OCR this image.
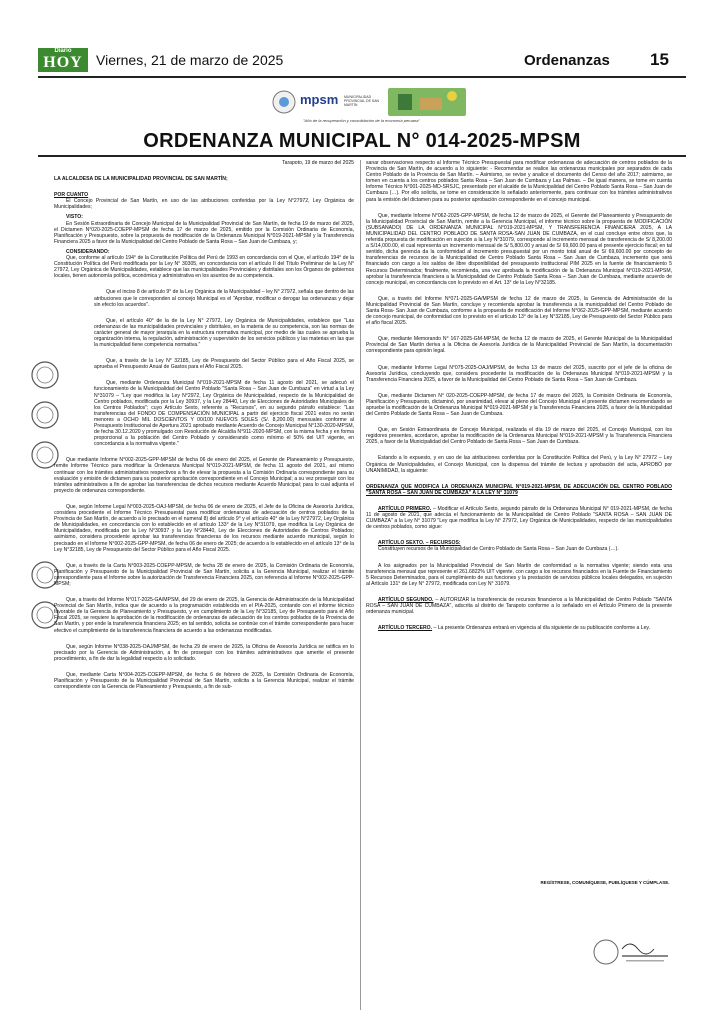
Diario
HOY Viernes, 21 de marzo de 2025	Ordenanzas 15
mpsm MUNICIPALIDAD PROVINCIAL DE SAN MARTÍN
"Año de la recuperación y consolidación de la economía peruana"
ORDENANZA MUNICIPAL N° 014-2025-MPSM

Tarapoto, 19 de marzo del 2025

LA ALCALDESA DE LA MUNICIPALIDAD PROVINCIAL DE SAN MARTÍN;

POR CUANTO

El Concejo Provincial de San Martín, en uso de las atribuciones conferidas por la Ley N°27972, Ley Orgánica de Municipalidades;

VISTO:

En Sesión Extraordinaria de Concejo Municipal de la Municipalidad Provincial de San Martín, de fecha 19 de marzo del 2025, el Dictamen N°020-2025-COEPP-MPSM de fecha 17 de marzo de 2025, emitido por la Comisión Ordinaria de Economía, Planificación y Presupuesto, sobre la propuesta de modificación de la Ordenanza Municipal N°019-2021-MPSM y la Transferencia Financiera 2025 a favor de la Municipalidad del Centro Poblado de Santa Rosa – San Juan de Cumbaza, y;

CONSIDERANDO:

Que, conforme al artículo 194° de la Constitución Política del Perú de 1993 en concordancia con el Que, el artículo 194° de la Constitución Política del Perú modificada por la Ley N° 30305, en concordancia con el artículo II del Título Preliminar de la Ley N° 27972, Ley Orgánica de Municipalidades, establece que las municipalidades Provinciales y distritales son los Órganos de gobiernos locales, tienen autonomía política, económica y administrativa en los asuntos de su competencia.

Que el inciso 8 de artículo 9° de la Ley Orgánica de la Municipalidad – ley N° 27972, señala que dentro de las atribuciones que le corresponden al concejo Municipal es el "Aprobar, modificar o derogar las ordenanzas y dejar sin efecto los acuerdos".

Que, el artículo 40° de la de la Ley N° 27972, Ley Orgánica de Municipalidades, establece que "Las ordenanzas de las municipalidades provinciales y distritales, en la materia de su competencia, son las normas de carácter general de mayor jerarquía en la estructura normativa municipal, por medio de las cuales se aprueba la organización interna, la regulación, administración y supervisión de los servicios públicos y las materias en las que la municipalidad tiene competencia normativa."

Que, a través de la Ley N° 32185, Ley de Presupuesto del Sector Público para el Año Fiscal 2025, se aprueba el Presupuesto Anual de Gastos para el Año Fiscal 2025.

Que, mediante Ordenanza Municipal N°019-2021-MPSM de fecha 11 agosto del 2021, se adecuó el funcionamiento de la Municipalidad del Centro Poblado "Santa Rosa – San Juan de Cumbaza" en virtud a la Ley N°31079 – "Ley que modifica la Ley N°2972, Ley Orgánica de Municipalidad, respecto de la Municipalidad de Centro poblados, modificada por la Ley 30937, y la Ley 28440, Ley de Elecciones de Autoridades Municipales de los Centros Poblados"; cuyo Artículo Sexto, referente a "Recursos", en su segundo párrafo establece: "Las transferencias del FONDO DE COMPENSACIÓN MUNICIPAL a partir del ejercicio fiscal 2021 estos no serán menores a OCHO MIL DOSCIENTOS Y 00/100 NUEVOS SOLES (S/. 8,200.00) mensuales conforme al Presupuesto Institucional de Apertura 2021 aprobado mediante Acuerdo de Concejo Municipal N°130-2020-MPSM, de fecha 30.12.2020 y promulgado con Resolución de Alcaldía N°911-2020-MPSM, con la misma fecha y en forma proporcional a la población del Centro Poblado y considerando como mínimo el 50% del UIT vigente, en concordancia a la normativa vigente."

Que mediante Informe N°002-2025-GPP-MPSM de fecha 06 de enero del 2025, el Gerente de Planeamiento y Presupuesto, remite Informe Técnico para modificar la Ordenanza Municipal N°019-2021-MPSM, de fecha 11 agosto del 2021, así mismo continuar con los trámites administrativos respectivos a fin de elevar la propuesta a la Comisión Ordinaria correspondiente para su evaluación y emisión de dictamen para su posterior aprobación correspondiente en el Concejo Municipal; a su vez proseguir con los trámites administrativos a fin de aprobar las transferencias de dichos recursos mediante Acuerdo Municipal; para lo cual adjunta el proyecto de ordenanza correspondiente.

Que, según Informe Legal N°003-2025-OAJ-MPSM, de fecha 06 de enero de 2025, el Jefe de la Oficina de Asesoría Jurídica, considera procedente el Informe Técnico Presupuestal para modificar ordenanzas de adecuación de centros poblados de la Provincia de San Martín, de acuerdo a lo precisado en el numeral 8) del artículo 9° y el artículo 40° de la Ley N°27972, Ley Orgánica de Municipalidades, en concordancia con lo establecido en el artículo 133° de la Ley N°31079, que modifica la Ley Orgánica de Municipalidades, modificada por la Ley N°30937 y la Ley N°28440, Ley de Elecciones de Autoridades de Centros Poblados; asimismo, considera procedente aprobar las transferencias financieras de los recursos mediante acuerdo municipal, según lo precisado en el Informe N°002-2025-GPP-MPSM, de fecha 06 de enero de 2025; de acuerdo a lo establecido en el artículo 13° de la Ley N°32185, Ley de Presupuesto del Sector Público para el Año Fiscal 2025.

Que, a través de la Carta N°003-2025-COEPP-MPSM, de fecha 28 de enero de 2025, la Comisión Ordinaria de Economía, Planificación y Presupuesto de la Municipalidad Provincial de San Martín, solicita a la Gerencia Municipal, realizar el trámite correspondiente para el Informe sobre la autorización de Transferencia Financiera 2025, con referencia al Informe N°002-2025-GPP-MPSM;

Que, a través del Informe N°017-2025-GA/MPSM, del 29 de enero de 2025, la Gerencia de Administración de la Municipalidad Provincial de San Martín, indica que de acuerdo a la programación establecida en el PIA-2025, contando con el informe técnico favorable de la Gerencia de Planeamiento y Presupuesto, y en cumplimiento de la Ley N°32185, Ley de Presupuesto para el Año Fiscal 2025, se requiere la aprobación de la modificación de ordenanzas de adecuación de los centros poblados de la Provincia de San Martín, y por ende la transferencia financiera 2025; en tal sentido, solicita se continúe con el trámite correspondiente para hacer efectivo el cumplimiento de la transferencia financiera de acuerdo a las ordenanzas modificadas.

Que, según Informe N°038-2025-OAJ/MPSM, de fecha 29 de enero de 2025, la Oficina de Asesoría Jurídica se ratifica en lo precisado por la Gerencia de Administración, a fin de proseguir con los trámites administrativos que amerite el presente procedimiento, a fin de dar la legalidad respecto a lo solicitado.

Que, mediante Carta N°004-2025-COEPP-MPSM, de fecha 6 de febrero de 2025, la Comisión Ordinaria de Economía, Planificación y Presupuesto de la Municipalidad Provincial de San Martín, solicita a la Gerencia Municipal, realizar el trámite correspondiente con la Gerencia de Planeamiento y Presupuesto, a fin de sub-

sanar observaciones respecto al Informe Técnico Presupuestal para modificar ordenanzas de adecuación de centros poblados de la Provincia de San Martín, de acuerdo a lo siguiente: - Recomendar se realice las ordenanzas municipales por separados de cada Centro Poblado de la Provincia de San Martín. – Asimismo, se revise y analice el documento del Censo del año 2017; asimismo, se tomen en cuenta a los centros poblados Santa Rosa – San Juan de Cumbaza y Las Palmas. – De igual manera, se tome en cuenta Informe Técnico N°001-2025-MD-SRSJC, presentado por el alcalde de la Municipalidad del Centro Poblado Santa Rosa – San Juan de Cumbaza (…). Por ello solicita, se tome en consideración lo señalado anteriormente, para continuar con los trámites administrativos para la emisión del dictamen para su posterior aprobación correspondiente en el concejo municipal.

Que, mediante Informe N°062-2025-GPP-MPSM, de fecha 12 de marzo de 2025, el Gerente del Planeamiento y Presupuesto de la Municipalidad Provincial de San Martín, remite a la Gerencia Municipal, el informe técnico sobre la propuesta de MODIFICACIÓN (SUBSANADO) DE LA ORDENANZA MUNICIPAL N°019-2021-MPSM, Y TRANSFERENCIA FINANCIERA 2025, A LA MUNICIPALIDAD DEL CENTRO POBLADO DE SANTA ROSA-SAN JUAN DE CUMBAZA, en el cual concluye entre otros que, la referida propuesta de modificación en sujeción a la Ley N°31079, corresponde al incremento mensual de transferencia de S/ 8,200.00 a S/14,000.00, el cual representa un incremento mensual de S/ 5,800.00 y anual de S/ 69,600.00 para el presente ejercicio fiscal; en tal sentido, dicha gerencia da la conformidad al incremento presupuestal por un monto total anual de S/ 69,600.00 por concepto de transferencias de recursos de la Municipalidad de Centro Poblado Santa Rosa – San Juan de Cumbaza, incremento que será financiado con cargo a los saldos de libre disponibilidad del presupuesto institucional PIM 2025 en la fuente de financiamiento 5 Recursos Determinados; finalmente, recomienda, una vez aprobada la modificación de la Ordenanza Municipal N°019-2021-MPSM, aprobar la transferencia financiera a la Municipalidad de Centro Poblado Santa Rosa – San Juan de Cumbaza, mediante acuerdo de concejo municipal, en concordancia con lo previsto en el Art. 13° de la Ley N°32185.

Que, a través del Informe N°071-2025-GA/MPSM de fecha 12 de marzo de 2025, la Gerencia de Administración de la Municipalidad Provincial de San Martín, concluye y recomienda aprobar la transferencia a la municipalidad del Centro Poblado de Santa Rosa- San Juan de Cumbaza, conforme a la propuesta de modificación del Informe N°062-2025-GPP-MPSM, mediante acuerdo de concejo municipal, de conformidad con lo previsto en el artículo 13° de la Ley N°32185, Ley de Presupuesto del Sector Público para el año fiscal 2025.

Que, mediante Memorando N° 167-2025-GM-MPSM, de fecha 12 de marzo de 2025, el Gerente Municipal de la Municipalidad Provincial de San Martín deriva a la Oficina de Asesoría Jurídica de la Municipalidad Provincial de San Martín, la documentación correspondiente para opinión legal.

Que, mediante Informe Legal N°075-2025-OAJ/MPSM, de fecha 13 de marzo del 2025, suscrito por el jefe de la oficina de Asesoría Jurídica, concluyendo que, considera procedente la modificación de la Ordenanza Municipal N°019-2021-MPSM y la Transferencia Financiera 2025, a favor de la Municipalidad del Centro Poblado de Santa Rosa – San Juan de Cumbaza.

Que, mediante Dictamen N° 020-2025-COEPP-MPSM, de fecha 17 de marzo del 2025, la Comisión Ordinaria de Economía, Planificación y Presupuesto, dictaminó, por unanimidad, elevar al pleno del Concejo Municipal el presente dictamen recomendando se apruebe la modificación de la Ordenanza Municipal N°019-2021-MPSM y la Transferencia Financiera 2025, a favor de la Municipalidad del Centro Poblado de Santa Rosa – San Juan de Cumbaza.

Que, en Sesión Extraordinaria de Concejo Municipal, realizada el día 19 de marzo del 2025, el Concejo Municipal, con los regidores presentes, acordaron, aprobar la modificación de la Ordenanza Municipal N°019-2021-MPSM y la Transferencia Financiera 2025, a favor de la Municipalidad del Centro Poblado de Santa Rosa – San Juan de Cumbaza.

Estando a lo expuesto, y en uso de las atribuciones conferidas por la Constitución Política del Perú, y la Ley N° 27972 – Ley Orgánica de Municipalidades, el Concejo Municipal, con la dispensa del trámite de lectura y aprobación del acta, APROBÓ por UNANIMIDAD, la siguiente:

ORDENANZA QUE MODIFICA LA ORDENANZA MUNICIPAL N°019-2021-MPSM, DE ADECUACIÓN DEL CENTRO POBLADO "SANTA ROSA – SAN JUAN DE CUMBAZA" A LA LEY N° 31079

ARTÍCULO PRIMERO. – Modificar el Artículo Sexto, segundo párrafo de la Ordenanza Municipal N° 019-2021-MPSM, de fecha 11 de agosto de 2021, que adecúa el funcionamiento de la Municipalidad de Centro Poblado "SANTA ROSA – SAN JUAN DE CUMBAZA" a la Ley N° 31079 "Ley que modifica la Ley N° 27972, Ley Orgánica de Municipalidades, respecto de las municipalidades de centros poblados, como sigue:

ARTÍCULO SEXTO. – RECURSOS:

Constituyen recursos de la Municipalidad de Centro Poblado de Santa Rosa – San Juan de Cumbaza (…).

A los asignados por la Municipalidad Provincial de San Martín de conformidad a la normativa vigente; siendo esta una transferencia mensual que represente el 261.6822% UIT vigente, con cargo a los recursos financiados en la Fuente de Financiamiento 5 Recursos Determinados, para el cumplimiento de sus funciones y la prestación de servicios públicos locales delegados, en sujeción al Artículo 131° de Ley N° 27972, modificada con Ley N° 31079.

ARTÍCULO SEGUNDO. – AUTORIZAR la transferencia de recursos financieros a la Municipalidad de Centro Poblado "SANTA ROSA – SAN JUAN DE CUMBAZA", adscrita al distrito de Tarapoto conforme a lo señalado en el Artículo Primero de la presente ordenanza municipal.

ARTÍCULO TERCERO. – La presente Ordenanza entrará en vigencia al día siguiente de su publicación conforme a Ley.

REGÍSTRESE, COMUNÍQUESE, PUBLÍQUESE Y CÚMPLASE.
